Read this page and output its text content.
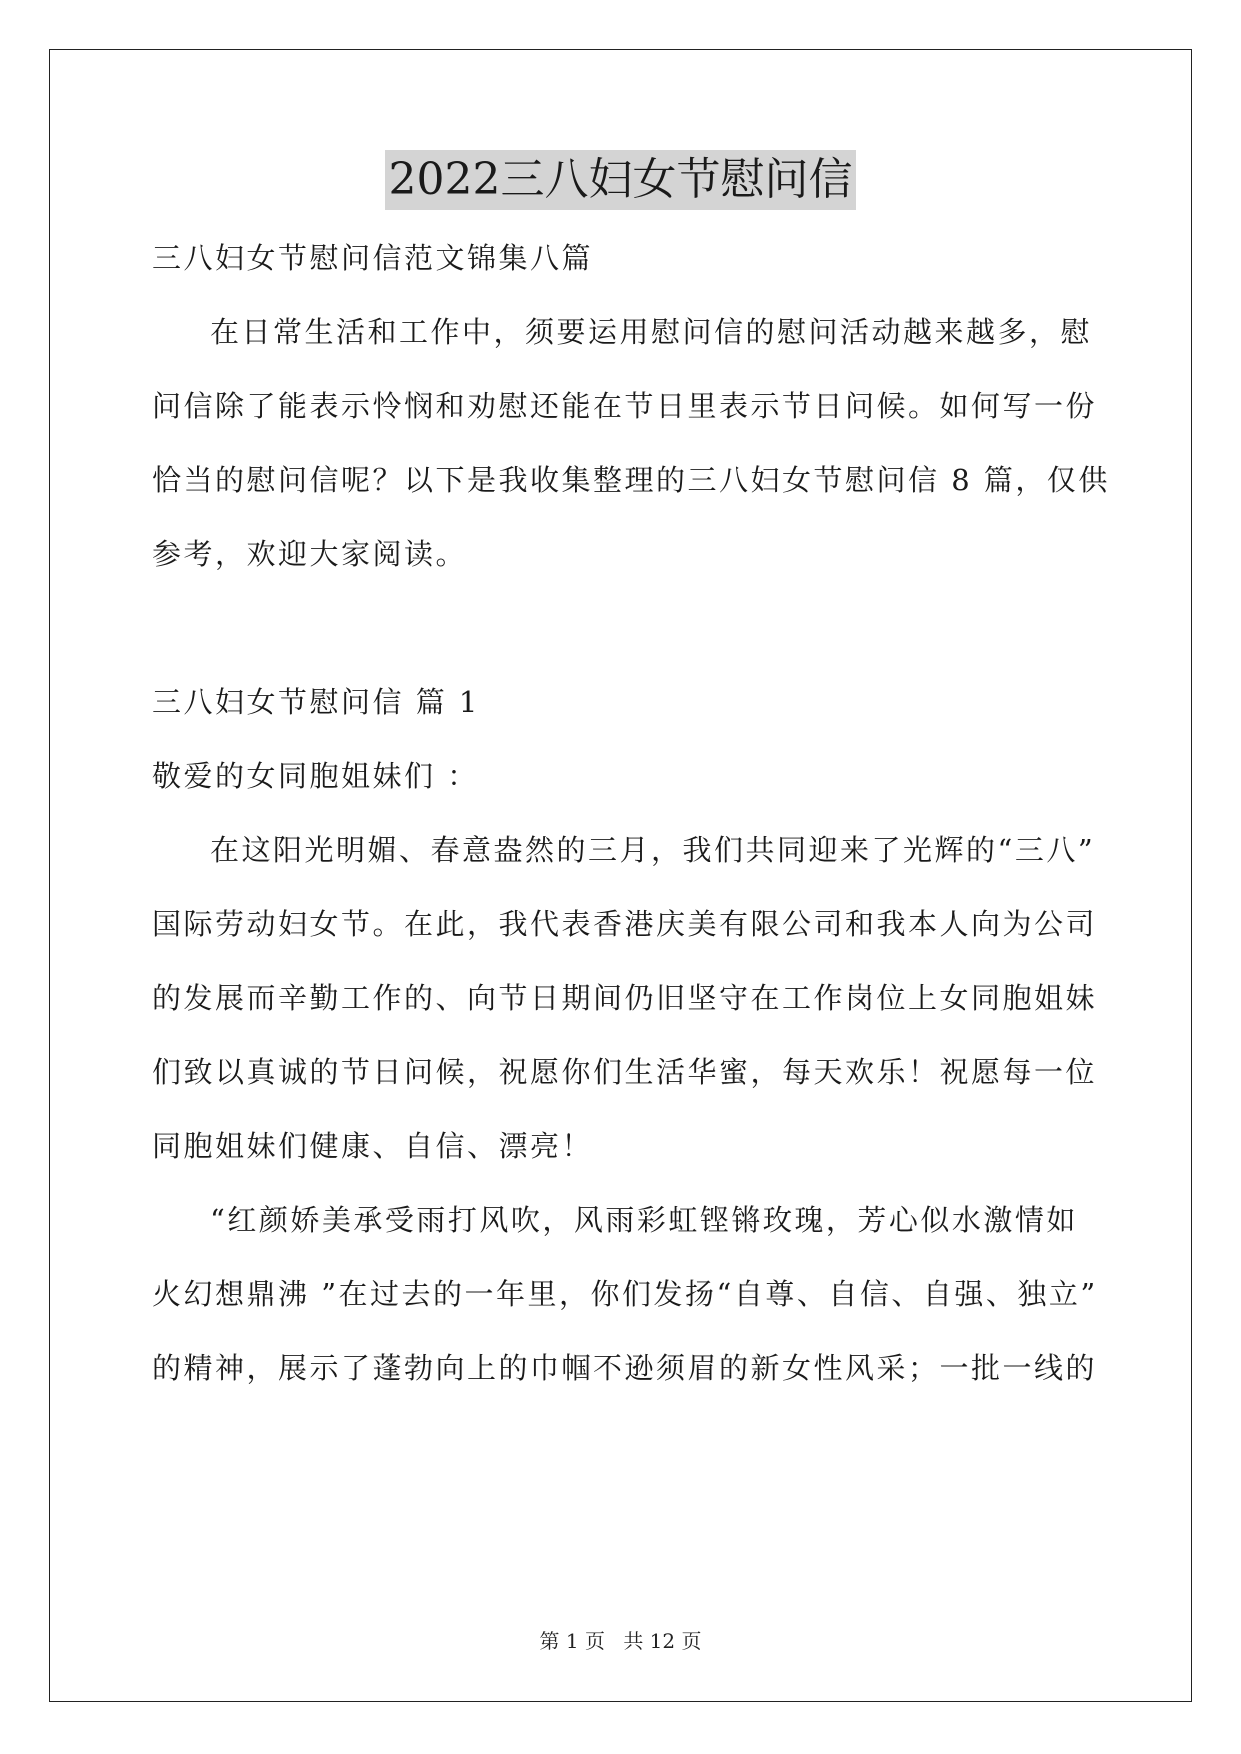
2022三八妇女节慰问信
三八妇女节慰问信范文锦集八篇
在日常生活和工作中，须要运用慰问信的慰问活动越来越多，慰
问信除了能表示怜悯和劝慰还能在节日里表示节日问候。如何写一份
恰当的慰问信呢？以下是我收集整理的三八妇女节慰问信 8 篇，仅供
参考，欢迎大家阅读。
三八妇女节慰问信 篇 1
敬爱的女同胞姐妹们 ：
在这阳光明媚、春意盎然的三月，我们共同迎来了光辉的“三八”
国际劳动妇女节。在此，我代表香港庆美有限公司和我本人向为公司
的发展而辛勤工作的、向节日期间仍旧坚守在工作岗位上女同胞姐妹
们致以真诚的节日问候，祝愿你们生活华蜜，每天欢乐！祝愿每一位
同胞姐妹们健康、自信、漂亮！
“红颜娇美承受雨打风吹，风雨彩虹铿锵玫瑰，芳心似水激情如
火幻想鼎沸 ”在过去的一年里，你们发扬“自尊、自信、自强、独立”
的精神，展示了蓬勃向上的巾帼不逊须眉的新女性风采；一批一线的
第 1 页 共 12 页
